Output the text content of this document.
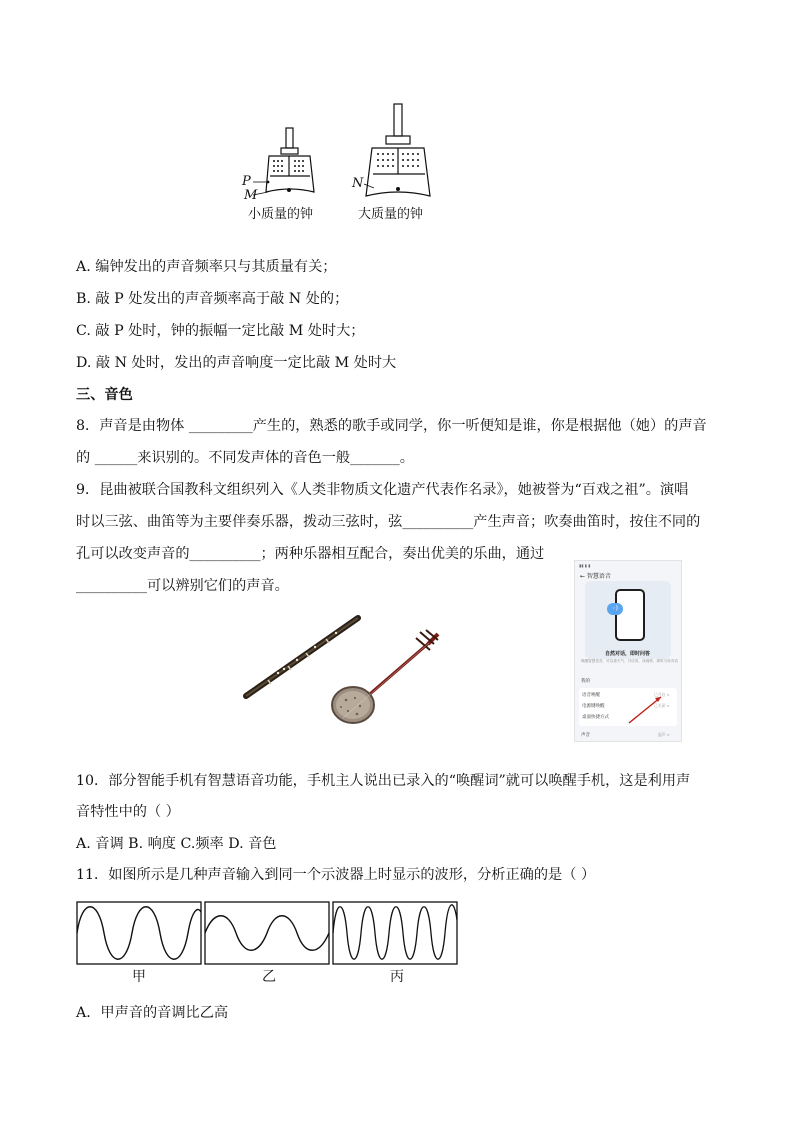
P
M
N
小质量的钟	大质量的钟
A. 编钟发出的声音频率只与其质量有关；
B. 敲 P 处发出的声音频率高于敲 N 处的；
C. 敲 P 处时，钟的振幅一定比敲 M 处时大；
D. 敲 N 处时，发出的声音响度一定比敲 M 处时大
三、音色
8．声音是由物体 _________产生的，熟悉的歌手或同学，你一听便知是谁，你是根据他（她）的声音
的 ______来识别的。不同发声体的音色一般_______。
9．昆曲被联合国教科文组织列入《人类非物质文化遗产代表作名录》，她被誉为“百戏之祖”。演唱
时以三弦、曲笛等为主要伴奏乐器，拨动三弦时，弦__________产生声音；吹奏曲笛时，按住不同的
孔可以改变声音的__________；两种乐器相互配合，奏出优美的乐曲，通过
__________可以辨别它们的声音。
▮▮ ▮ ▮
← 智慧语音
◦)
自然对话，即时问答
唤醒智慧语音，可以查天气、开应用、设闹钟，即时与你对话
我的
语音唤醒	已开启 >
电源键唤醒	已关闭 >
桌面快捷方式
声音	温声 >
10．部分智能手机有智慧语音功能，手机主人说出已录入的“唤醒词”就可以唤醒手机，这是利用声
音特性中的（ ）
A. 音调 B. 响度 C.频率 D. 音色
11．如图所示是几种声音输入到同一个示波器上时显示的波形，分析正确的是（ ）
甲	乙	丙
A．甲声音的音调比乙高
